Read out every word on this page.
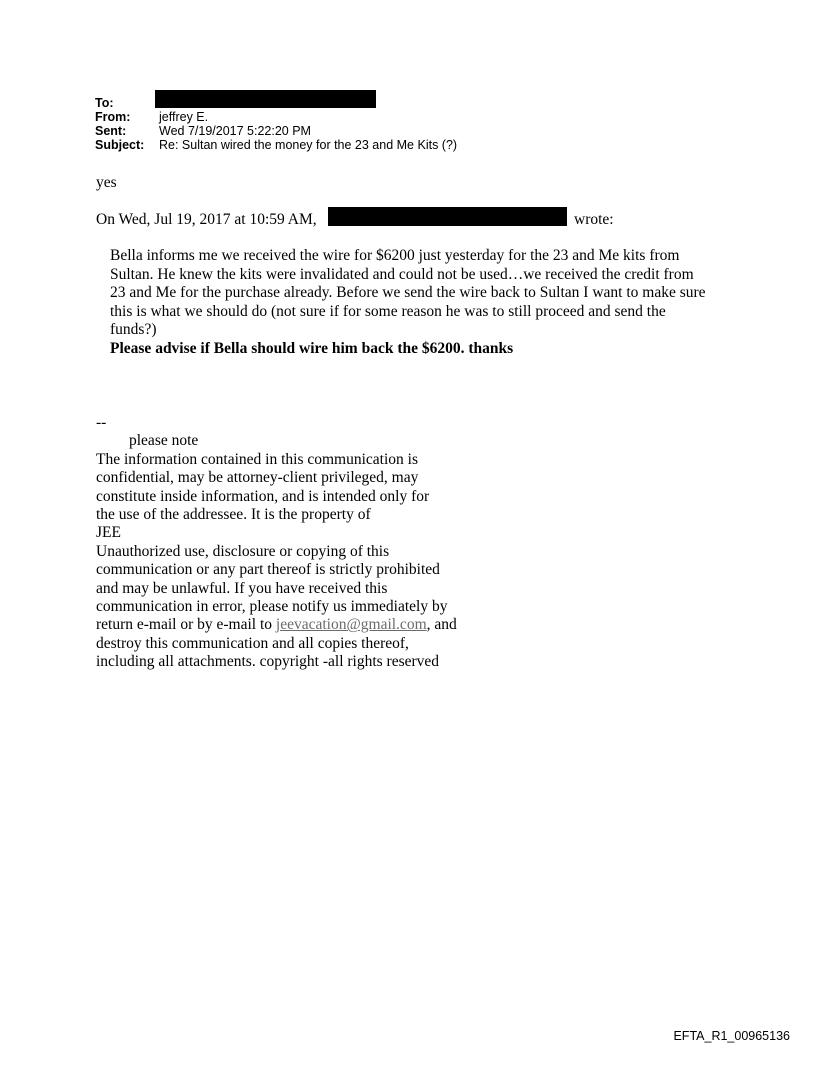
To:
From: jeffrey E.
Sent:	Wed 7/19/2017 5:22:20 PM
Subject: Re: Sultan wired the money for the 23 and Me Kits (?)
yes
On Wed, Jul 19, 2017 at 10:59 AM,	wrote:

Bella informs me we received the wire for $6200 just yesterday for the 23 and Me kits from Sultan. He knew the kits were invalidated and could not be used…we received the credit from 23 and Me for the purchase already. Before we send the wire back to Sultan I want to make sure this is what we should do (not sure if for some reason he was to still proceed and send the funds?)

Please advise if Bella should wire him back the $6200. thanks

--
please note
The information contained in this communication is
confidential, may be attorney-client privileged, may
constitute inside information, and is intended only for
the use of the addressee. It is the property of
JEE
Unauthorized use, disclosure or copying of this
communication or any part thereof is strictly prohibited
and may be unlawful. If you have received this
communication in error, please notify us immediately by
return e-mail or by e-mail to jeevacation@gmail.com, and
destroy this communication and all copies thereof,
including all attachments. copyright -all rights reserved
EFTA_R1_00965136
